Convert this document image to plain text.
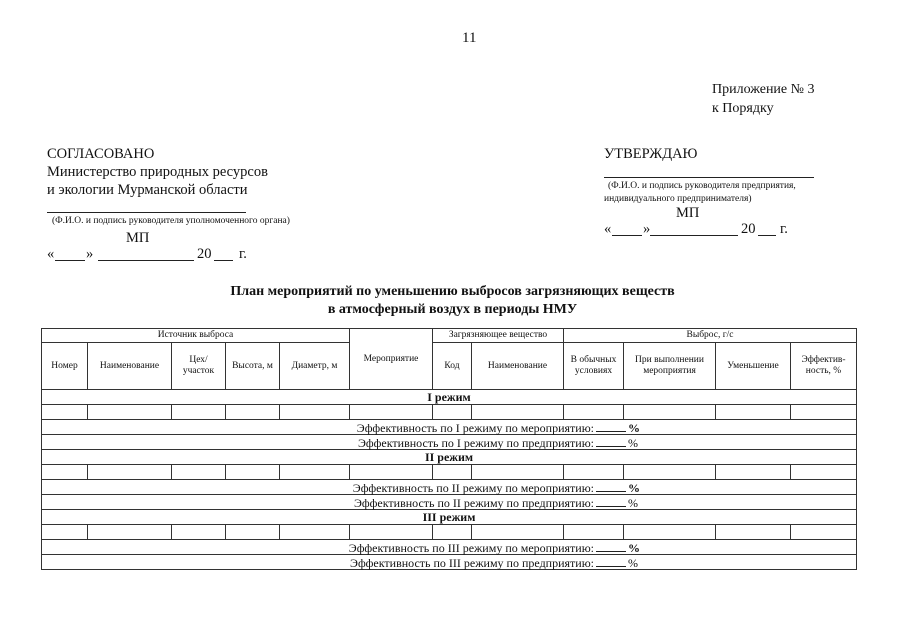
11
Приложение № 3
к Порядку
СОГЛАСОВАНО
Министерство природных ресурсов
и экологии Мурманской области
(Ф.И.О. и подпись руководителя уполномоченного органа)
МП
« »	20 г.
УТВЕРЖДАЮ
(Ф.И.О. и подпись руководителя предприятия,
индивидуального предпринимателя)
МП
« »	20 г.
План мероприятий по уменьшению выбросов загрязняющих веществ
в атмосферный воздух в периоды НМУ
Источник выброса					Мероприятие	Загрязняющее вещество		Выброс, г/с			
Номер	Наименование	Цех/ участок	Высота, м	Диаметр, м		Код	Наименование	В обычных условиях	При выполнении мероприятия	Уменьшение	Эффектив-ность, %
I режим											

Эффективность по I режиму по мероприятию: %											
Эффективность по I режиму по предприятию: %											
II режим											

Эффективность по II режиму по мероприятию: %											
Эффективность по II режиму по предприятию: %											
III режим											

Эффективность по III режиму по мероприятию: %											
Эффективность по III режиму по предприятию: %											
